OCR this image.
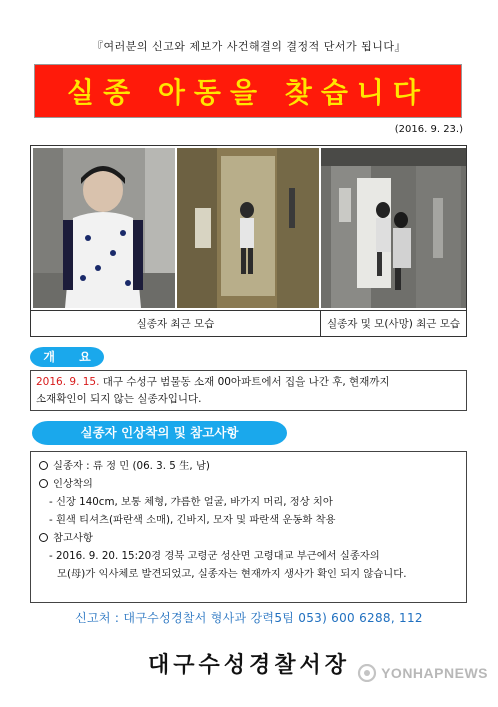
『여러분의 신고와 제보가 사건해결의 결정적 단서가 됩니다』
실종 아동을 찾습니다
(2016. 9. 23.)
실종자 최근 모습	실종자 및 모(사망) 최근 모습
개 요
2016. 9. 15. 대구 수성구 범물동 소재 00아파트에서 집을 나간 후, 현재까지
소재확인이 되지 않는 실종자입니다.
실종자 인상착의 및 참고사항
실종자 : 류 정 민 (06. 3. 5 生, 남)
인상착의
- 신장 140cm, 보통 체형, 갸름한 얼굴, 바가지 머리, 정상 치아
- 흰색 티셔츠(파란색 소매), 긴바지, 모자 및 파란색 운동화 착용
참고사항
- 2016. 9. 20. 15:20경 경북 고령군 성산면 고령대교 부근에서 실종자의
모(母)가 익사체로 발견되었고, 실종자는 현재까지 생사가 확인 되지 않습니다.
신고처 : 대구수성경찰서 형사과 강력5팀 053) 600 6288, 112
대구수성경찰서장	YONHAPNEWS
